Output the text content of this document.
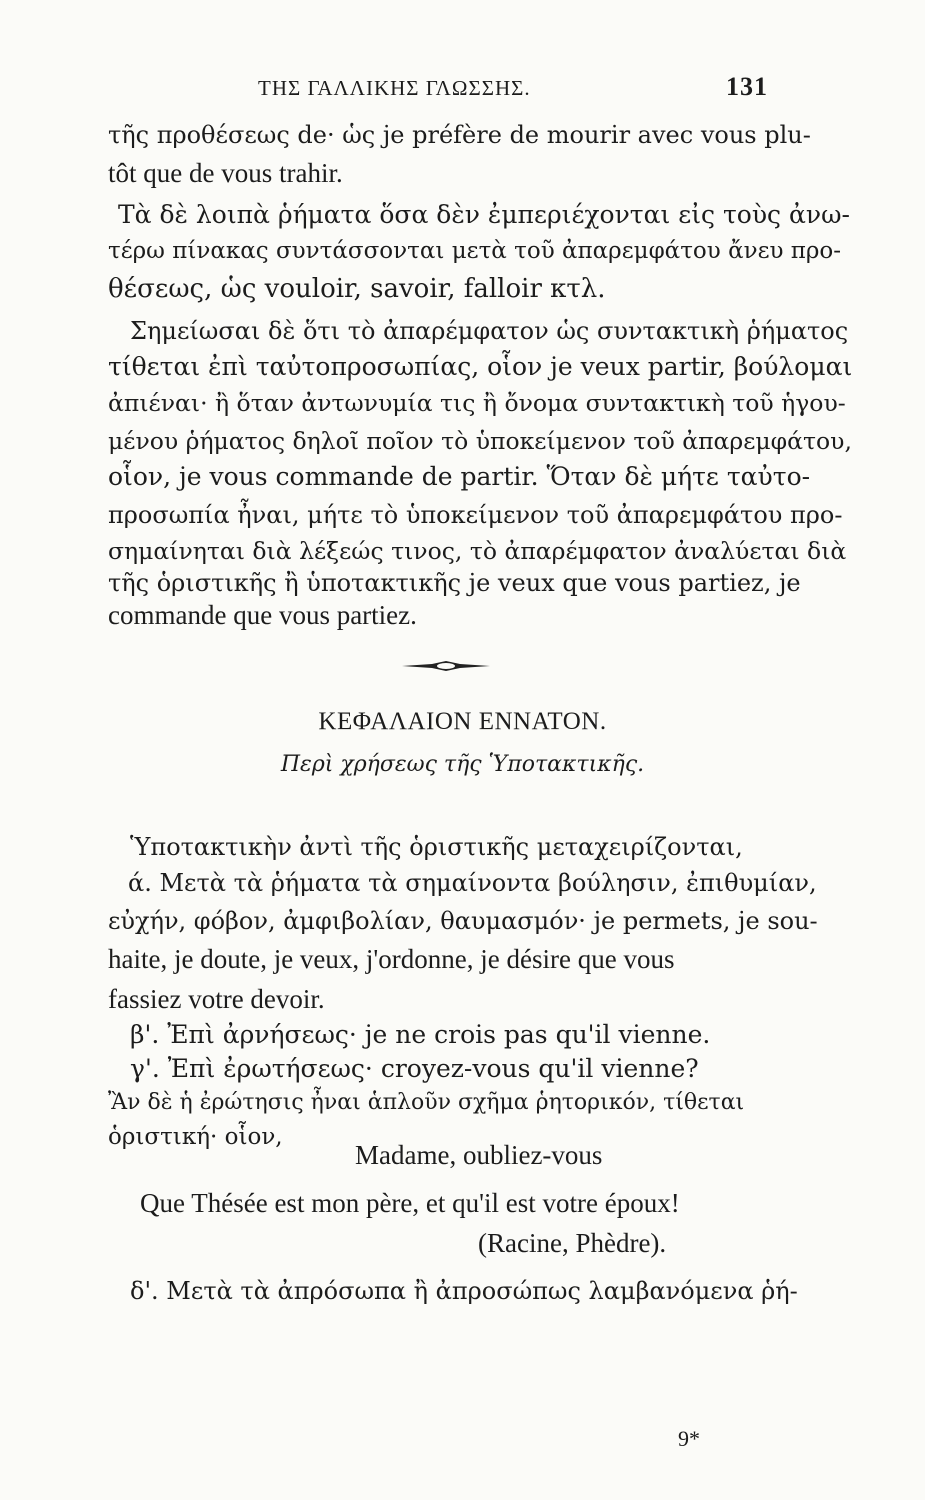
ΤΗΣ ΓΑΛΛΙΚΗΣ ΓΛΩΣΣΗΣ.	131
τῆς προθέσεως de· ὡς je préfère de mourir avec vous plu-
tôt que de vous trahir.
Τὰ δὲ λοιπὰ ῥήματα ὅσα δὲν ἐμπεριέχονται εἰς τοὺς ἀνω-
τέρω πίνακας συντάσσονται μετὰ τοῦ ἀπαρεμφάτου ἄνευ προ-
θέσεως, ὡς vouloir, savoir, falloir κτλ.
Σημείωσαι δὲ ὅτι τὸ ἀπαρέμφατον ὡς συντακτικὴ ῥήματος
τίθεται ἐπὶ ταὐτοπροσωπίας, οἷον je veux partir, βούλομαι
ἀπιέναι· ἢ ὅταν ἀντωνυμία τις ἢ ὄνομα συντακτικὴ τοῦ ἡγου-
μένου ῥήματος δηλοῖ ποῖον τὸ ὑποκείμενον τοῦ ἀπαρεμφάτου,
οἷον, je vous commande de partir. Ὅταν δὲ μήτε ταὐτο-
προσωπία ἦναι, μήτε τὸ ὑποκείμενον τοῦ ἀπαρεμφάτου προ-
σημαίνηται διὰ λέξεώς τινος, τὸ ἀπαρέμφατον ἀναλύεται διὰ
τῆς ὁριστικῆς ἢ ὑποτακτικῆς je veux que vous partiez, je
commande que vous partiez.
ΚΕΦΑΛΑΙΟΝ ΕΝΝΑΤΟΝ.
Περὶ χρήσεως τῆς Ὑποτακτικῆς.
Ὑποτακτικὴν ἀντὶ τῆς ὁριστικῆς μεταχειρίζονται,
ά. Μετὰ τὰ ῥήματα τὰ σημαίνοντα βούλησιν, ἐπιθυμίαν,
εὐχήν, φόβον, ἀμφιβολίαν, θαυμασμόν· je permets, je sou-
haite, je doute, je veux, j'ordonne, je désire que vous
fassiez votre devoir.
β'. Ἐπὶ ἀρνήσεως· je ne crois pas qu'il vienne.
γ'. Ἐπὶ ἐρωτήσεως· croyez-vous qu'il vienne?
Ἂν δὲ ἡ ἐρώτησις ἦναι ἁπλοῦν σχῆμα ῥητορικόν, τίθεται
ὁριστική· οἷον,
Madame, oubliez-vous
Que Thésée est mon père, et qu'il est votre époux!
(Racine, Phèdre).
δ'. Μετὰ τὰ ἀπρόσωπα ἢ ἀπροσώπως λαμβανόμενα ῥή-
9*
